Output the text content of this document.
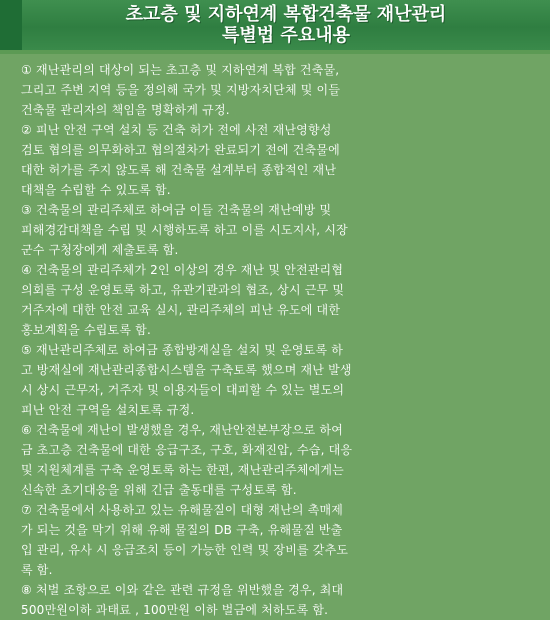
초고층 및 지하연계 복합건축물 재난관리
특별법 주요내용
① 재난관리의 대상이 되는 초고층 및 지하연계 복합 건축물,
그리고 주변 지역 등을 정의해 국가 및 지방자치단체 및 이들
건축물 관리자의 책임을 명확하게 규정.
② 피난 안전 구역 설치 등 건축 허가 전에 사전 재난영향성
검토 협의를 의무화하고 협의절차가 완료되기 전에 건축물에
대한 허가를 주지 않도록 해 건축물 설계부터 종합적인 재난
대책을 수립할 수 있도록 함.
③ 건축물의 관리주체로 하여금 이들 건축물의 재난예방 및
피해경감대책을 수립 및 시행하도록 하고 이를 시도지사, 시장
군수 구청장에게 제출토록 함.
④ 건축물의 관리주체가 2인 이상의 경우 재난 및 안전관리협
의회를 구성 운영토록 하고, 유관기관과의 협조, 상시 근무 및
거주자에 대한 안전 교육 실시, 관리주체의 피난 유도에 대한
홍보계획을 수립토록 함.
⑤ 재난관리주체로 하여금 종합방재실을 설치 및 운영토록 하
고 방재실에 재난관리종합시스템을 구축토록 했으며 재난 발생
시 상시 근무자, 거주자 및 이용자들이 대피할 수 있는 별도의
피난 안전 구역을 설치토록 규정.
⑥ 건축물에 재난이 발생했을 경우, 재난안전본부장으로 하여
금 초고층 건축물에 대한 응급구조, 구호, 화재진압, 수습, 대응
및 지원체계를 구축 운영토록 하는 한편, 재난관리주체에게는
신속한 초기대응을 위해 긴급 출동대를 구성토록 함.
⑦ 건축물에서 사용하고 있는 유해물질이 대형 재난의 촉매제
가 되는 것을 막기 위해 유해 물질의 DB 구축, 유해물질 반출
입 관리, 유사 시 응급조치 등이 가능한 인력 및 장비를 갖추도
록 함.
⑧ 처벌 조항으로 이와 같은 관련 규정을 위반했을 경우, 최대
500만원이하 과태료 , 100만원 이하 벌금에 처하도록 함.
